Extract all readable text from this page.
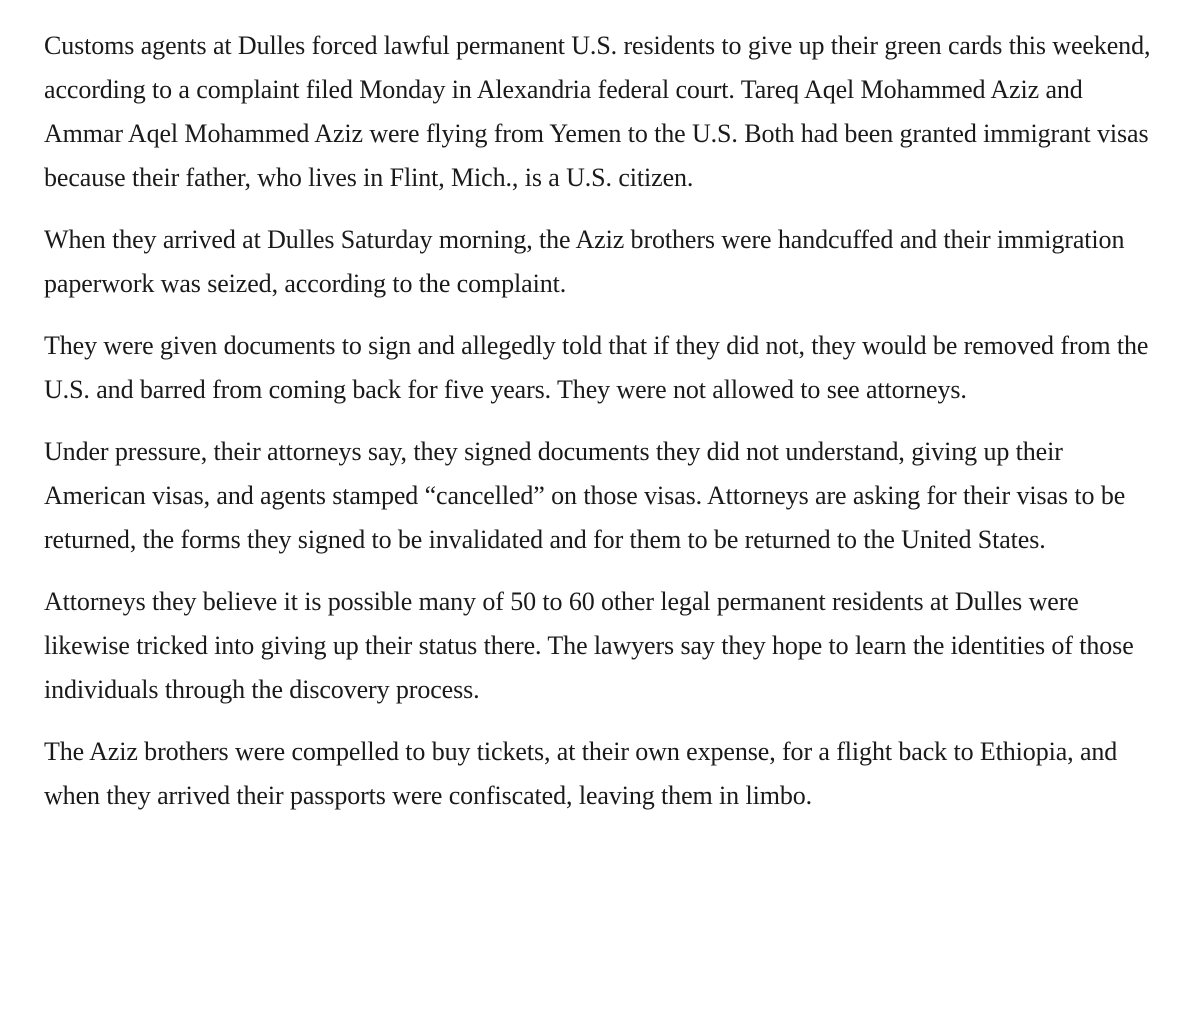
Customs agents at Dulles forced lawful permanent U.S. residents to give up their green cards this weekend, according to a complaint filed Monday in Alexandria federal court. Tareq Aqel Mohammed Aziz and Ammar Aqel Mohammed Aziz were flying from Yemen to the U.S. Both had been granted immigrant visas because their father, who lives in Flint, Mich., is a U.S. citizen.

When they arrived at Dulles Saturday morning, the Aziz brothers were handcuffed and their immigration paperwork was seized, according to the complaint.

They were given documents to sign and allegedly told that if they did not, they would be removed from the U.S. and barred from coming back for five years. They were not allowed to see attorneys.

Under pressure, their attorneys say, they signed documents they did not understand, giving up their American visas, and agents stamped “cancelled” on those visas. Attorneys are asking for their visas to be returned, the forms they signed to be invalidated and for them to be returned to the United States.

Attorneys they believe it is possible many of 50 to 60 other legal permanent residents at Dulles were likewise tricked into giving up their status there. The lawyers say they hope to learn the identities of those individuals through the discovery process.

The Aziz brothers were compelled to buy tickets, at their own expense, for a flight back to Ethiopia, and when they arrived their passports were confiscated, leaving them in limbo.
